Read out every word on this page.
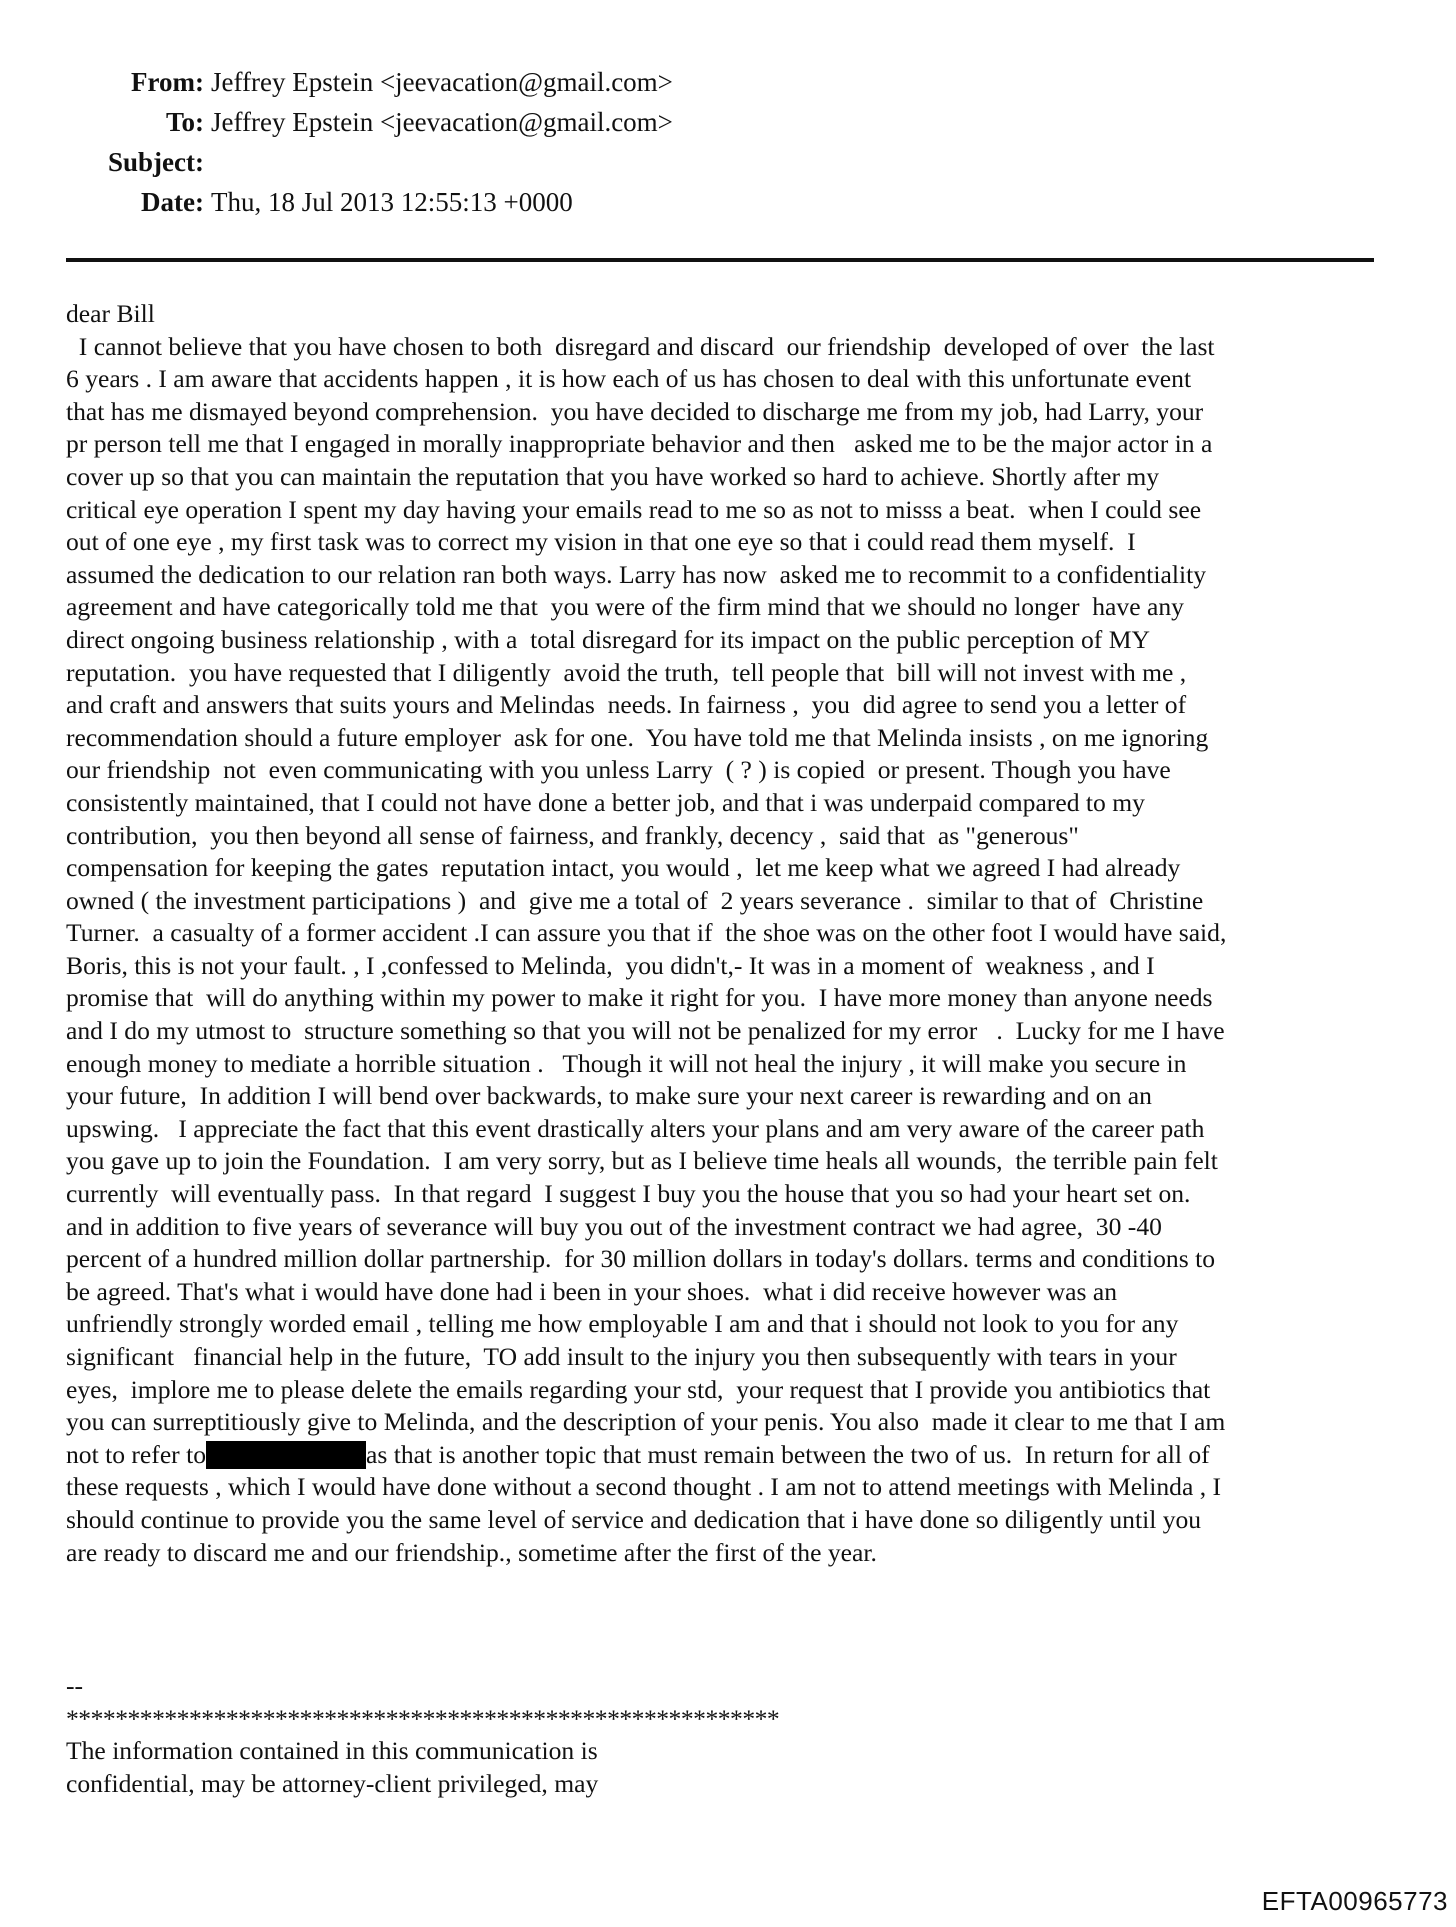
From: Jeffrey Epstein <jeevacation@gmail.com>
To: Jeffrey Epstein <jeevacation@gmail.com>
Subject:
Date: Thu, 18 Jul 2013 12:55:13 +0000
dear Bill
I cannot believe that you have chosen to both  disregard and discard  our friendship  developed of over  the last
6 years . I am aware that accidents happen , it is how each of us has chosen to deal with this unfortunate event
that has me dismayed beyond comprehension.  you have decided to discharge me from my job, had Larry, your
pr person tell me that I engaged in morally inappropriate behavior and then   asked me to be the major actor in a
cover up so that you can maintain the reputation that you have worked so hard to achieve. Shortly after my
critical eye operation I spent my day having your emails read to me so as not to misss a beat.  when I could see
out of one eye , my first task was to correct my vision in that one eye so that i could read them myself.  I
assumed the dedication to our relation ran both ways. Larry has now  asked me to recommit to a confidentiality
agreement and have categorically told me that  you were of the firm mind that we should no longer  have any
direct ongoing business relationship , with a  total disregard for its impact on the public perception of MY
reputation.  you have requested that I diligently  avoid the truth,  tell people that  bill will not invest with me ,
and craft and answers that suits yours and Melindas  needs. In fairness ,  you  did agree to send you a letter of
recommendation should a future employer  ask for one.  You have told me that Melinda insists , on me ignoring
our friendship  not  even communicating with you unless Larry  ( ? ) is copied  or present. Though you have
consistently maintained, that I could not have done a better job, and that i was underpaid compared to my
contribution,  you then beyond all sense of fairness, and frankly, decency ,  said that  as "generous"
compensation for keeping the gates  reputation intact, you would ,  let me keep what we agreed I had already
owned ( the investment participations )  and  give me a total of  2 years severance .  similar to that of  Christine
Turner.  a casualty of a former accident .I can assure you that if  the shoe was on the other foot I would have said,
Boris, this is not your fault. , I ,confessed to Melinda,  you didn't,- It was in a moment of  weakness , and I
promise that  will do anything within my power to make it right for you.  I have more money than anyone needs
and I do my utmost to  structure something so that you will not be penalized for my error   .  Lucky for me I have
enough money to mediate a horrible situation .   Though it will not heal the injury , it will make you secure in
your future,  In addition I will bend over backwards, to make sure your next career is rewarding and on an
upswing.   I appreciate the fact that this event drastically alters your plans and am very aware of the career path
you gave up to join the Foundation.  I am very sorry, but as I believe time heals all wounds,  the terrible pain felt
currently  will eventually pass.  In that regard  I suggest I buy you the house that you so had your heart set on.
and in addition to five years of severance will buy you out of the investment contract we had agree,  30 -40
percent of a hundred million dollar partnership.  for 30 million dollars in today's dollars. terms and conditions to
be agreed. That's what i would have done had i been in your shoes.  what i did receive however was an
unfriendly strongly worded email , telling me how employable I am and that i should not look to you for any
significant   financial help in the future,  TO add insult to the injury you then subsequently with tears in your
eyes,  implore me to please delete the emails regarding your std,  your request that I provide you antibiotics that
you can surreptitiously give to Melinda, and the description of your penis. You also  made it clear to me that I am
not to refer to	as that is another topic that must remain between the two of us.  In return for all of
these requests , which I would have done without a second thought . I am not to attend meetings with Melinda , I
should continue to provide you the same level of service and dedication that i have done so diligently until you
are ready to discard me and our friendship., sometime after the first of the year.
--
**********************************************************
The information contained in this communication is
confidential, may be attorney-client privileged, may
EFTA00965773
